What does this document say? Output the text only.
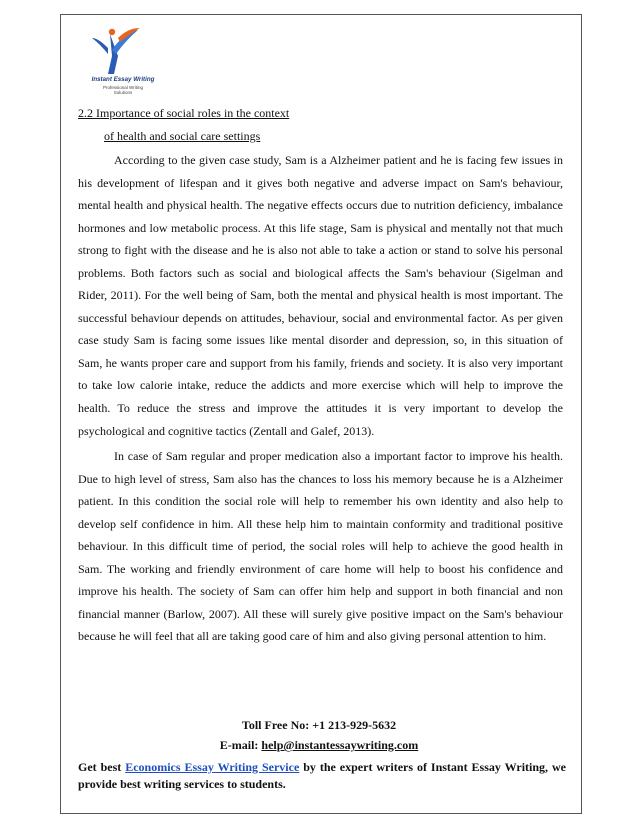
Instant Essay Writing
Professional Writing
Solutions
2.2 Importance of social roles in the context
of health and social care settings
According to the given case study, Sam is a Alzheimer patient and he is facing few issues in his development of lifespan and it gives both negative and adverse impact on Sam's behaviour, mental health and physical health. The negative effects occurs due to nutrition deficiency, imbalance hormones and low metabolic process. At this life stage, Sam is physical and mentally not that much strong to fight with the disease and he is also not able to take a action or stand to solve his personal problems. Both factors such as social and biological affects the Sam's behaviour (Sigelman and Rider, 2011). For the well being of Sam, both the mental and physical health is most important. The successful behaviour depends on attitudes, behaviour, social and environmental factor. As per given case study Sam is facing some issues like mental disorder and depression, so, in this situation of Sam, he wants proper care and support from his family, friends and society. It is also very important to take low calorie intake, reduce the addicts and more exercise which will help to improve the health. To reduce the stress and improve the attitudes it is very important to develop the psychological and cognitive tactics (Zentall and Galef, 2013).
In case of Sam regular and proper medication also a important factor to improve his health. Due to high level of stress, Sam also has the chances to loss his memory because he is a Alzheimer patient. In this condition the social role will help to remember his own identity and also help to develop self confidence in him. All these help him to maintain conformity and traditional positive behaviour. In this difficult time of period, the social roles will help to achieve the good health in Sam. The working and friendly environment of care home will help to boost his confidence and improve his health. The society of Sam can offer him help and support in both financial and non financial manner (Barlow, 2007). All these will surely give positive impact on the Sam's behaviour because he will feel that all are taking good care of him and also giving personal attention to him.
Toll Free No: +1 213-929-5632
E-mail: help@instantessaywriting.com
Get best Economics Essay Writing Service by the expert writers of Instant Essay Writing, we provide best writing services to students.
